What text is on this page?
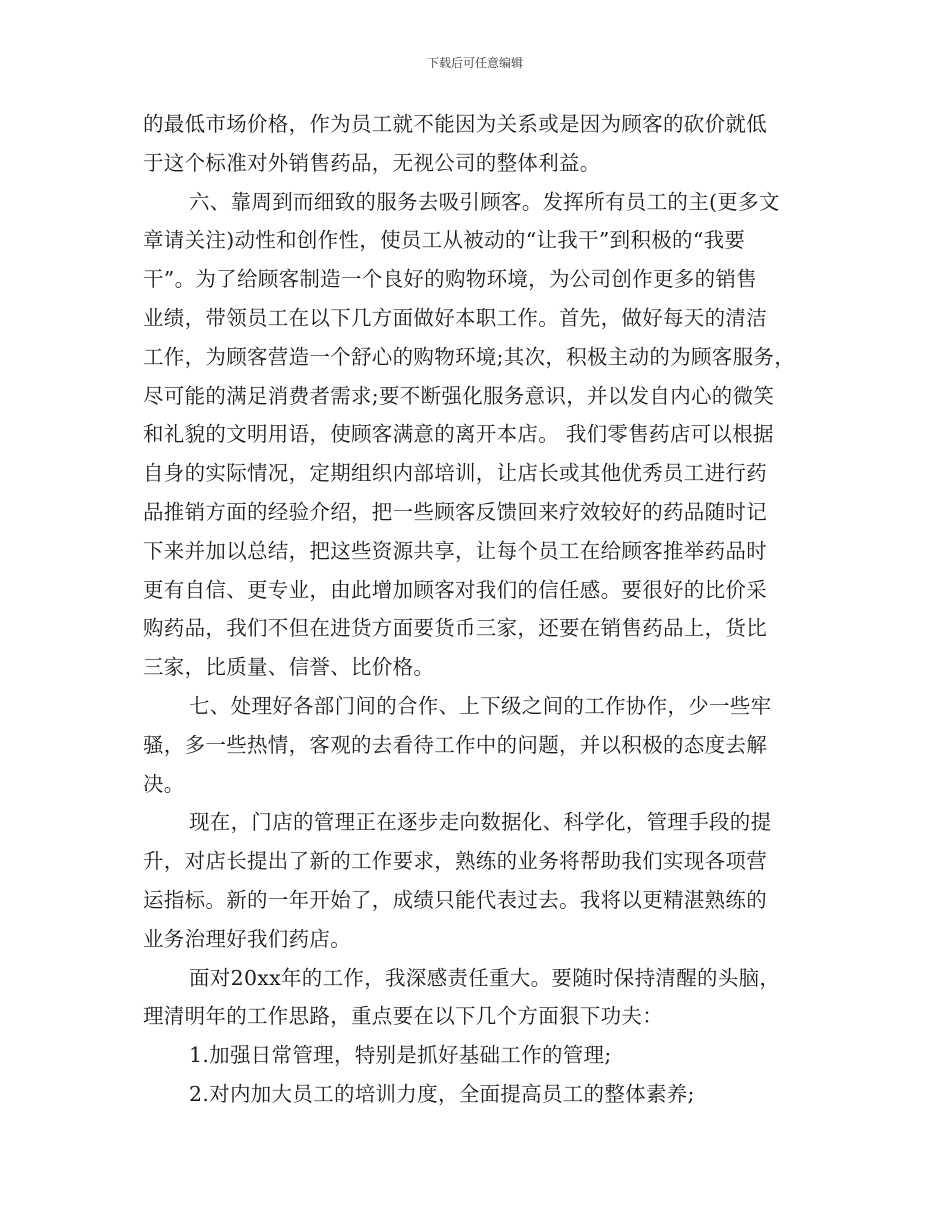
下载后可任意编辑
的最低市场价格，作为员工就不能因为关系或是因为顾客的砍价就低
于这个标准对外销售药品，无视公司的整体利益。
六、靠周到而细致的服务去吸引顾客。发挥所有员工的主(更多文
章请关注)动性和创作性，使员工从被动的“让我干”到积极的“我要
干”。为了给顾客制造一个良好的购物环境，为公司创作更多的销售
业绩，带领员工在以下几方面做好本职工作。首先，做好每天的清洁
工作，为顾客营造一个舒心的购物环境;其次，积极主动的为顾客服务，
尽可能的满足消费者需求;要不断强化服务意识，并以发自内心的微笑
和礼貌的文明用语，使顾客满意的离开本店。 我们零售药店可以根据
自身的实际情况，定期组织内部培训，让店长或其他优秀员工进行药
品推销方面的经验介绍，把一些顾客反馈回来疗效较好的药品随时记
下来并加以总结，把这些资源共享，让每个员工在给顾客推举药品时
更有自信、更专业，由此增加顾客对我们的信任感。要很好的比价采
购药品，我们不但在进货方面要货币三家，还要在销售药品上，货比
三家，比质量、信誉、比价格。
七、处理好各部门间的合作、上下级之间的工作协作，少一些牢
骚，多一些热情，客观的去看待工作中的问题，并以积极的态度去解
决。
现在，门店的管理正在逐步走向数据化、科学化，管理手段的提
升，对店长提出了新的工作要求，熟练的业务将帮助我们实现各项营
运指标。新的一年开始了，成绩只能代表过去。我将以更精湛熟练的
业务治理好我们药店。
面对20xx年的工作，我深感责任重大。要随时保持清醒的头脑，
理清明年的工作思路，重点要在以下几个方面狠下功夫：
1.加强日常管理，特别是抓好基础工作的管理;
2.对内加大员工的培训力度，全面提高员工的整体素养;
